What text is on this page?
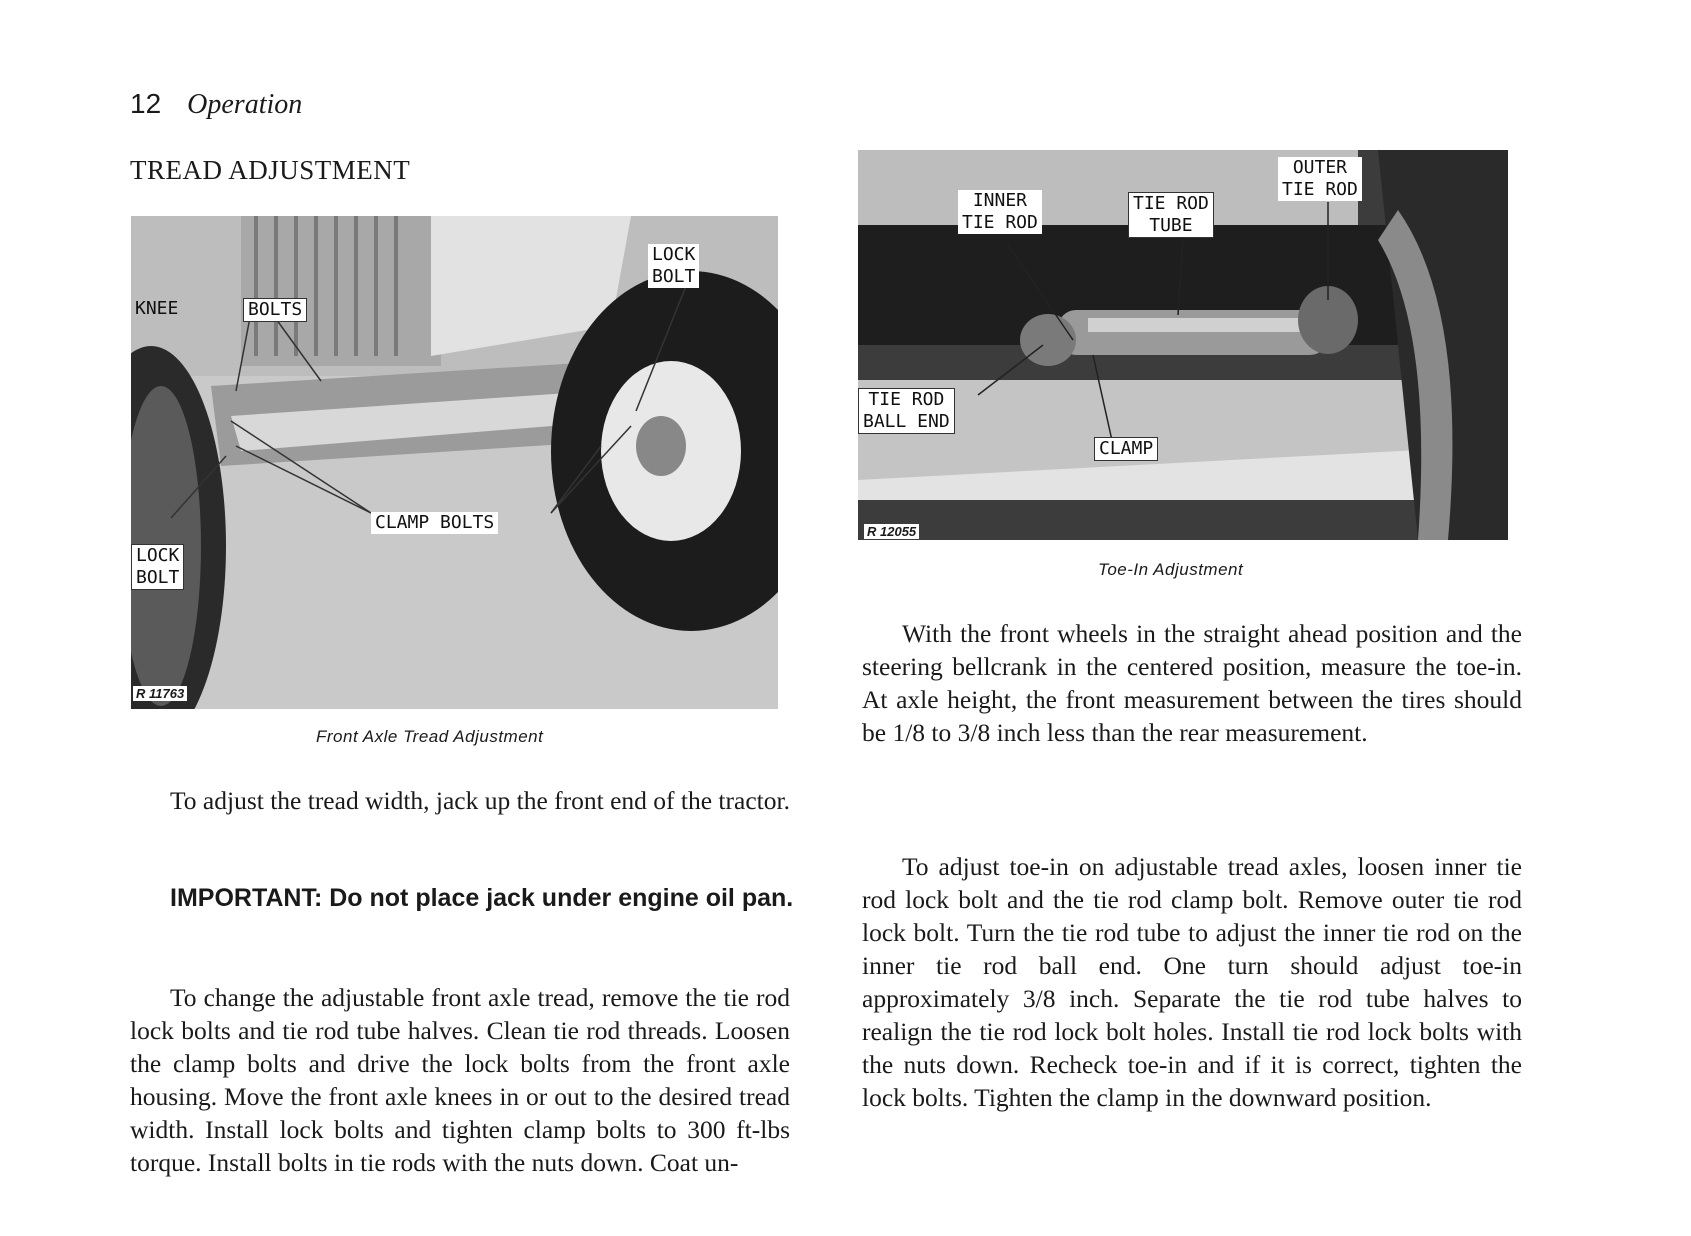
12 Operation
TREAD ADJUSTMENT
KNEE	BOLTS
LOCK
BOLT
CLAMP BOLTS
LOCK
BOLT
R 11763
Front Axle Tread Adjustment
INNER
TIE ROD
TIE ROD
TUBE
OUTER
TIE ROD
TIE ROD
BALL END
CLAMP
R 12055
Toe-In Adjustment

To adjust the tread width, jack up the front end of the tractor.

IMPORTANT: Do not place jack under engine oil pan.

To change the adjustable front axle tread, remove the tie rod lock bolts and tie rod tube halves. Clean tie rod threads. Loosen the clamp bolts and drive the lock bolts from the front axle housing. Move the front axle knees in or out to the desired tread width. Install lock bolts and tighten clamp bolts to 300 ft-lbs torque. Install bolts in tie rods with the nuts down. Coat un-

With the front wheels in the straight ahead position and the steering bellcrank in the centered position, measure the toe-in. At axle height, the front measurement between the tires should be 1/8 to 3/8 inch less than the rear measurement.

To adjust toe-in on adjustable tread axles, loosen inner tie rod lock bolt and the tie rod clamp bolt. Remove outer tie rod lock bolt. Turn the tie rod tube to adjust the inner tie rod on the inner tie rod ball end. One turn should adjust toe-in approximately 3/8 inch. Separate the tie rod tube halves to realign the tie rod lock bolt holes. Install tie rod lock bolts with the nuts down. Recheck toe-in and if it is correct, tighten the lock bolts. Tighten the clamp in the downward position.
